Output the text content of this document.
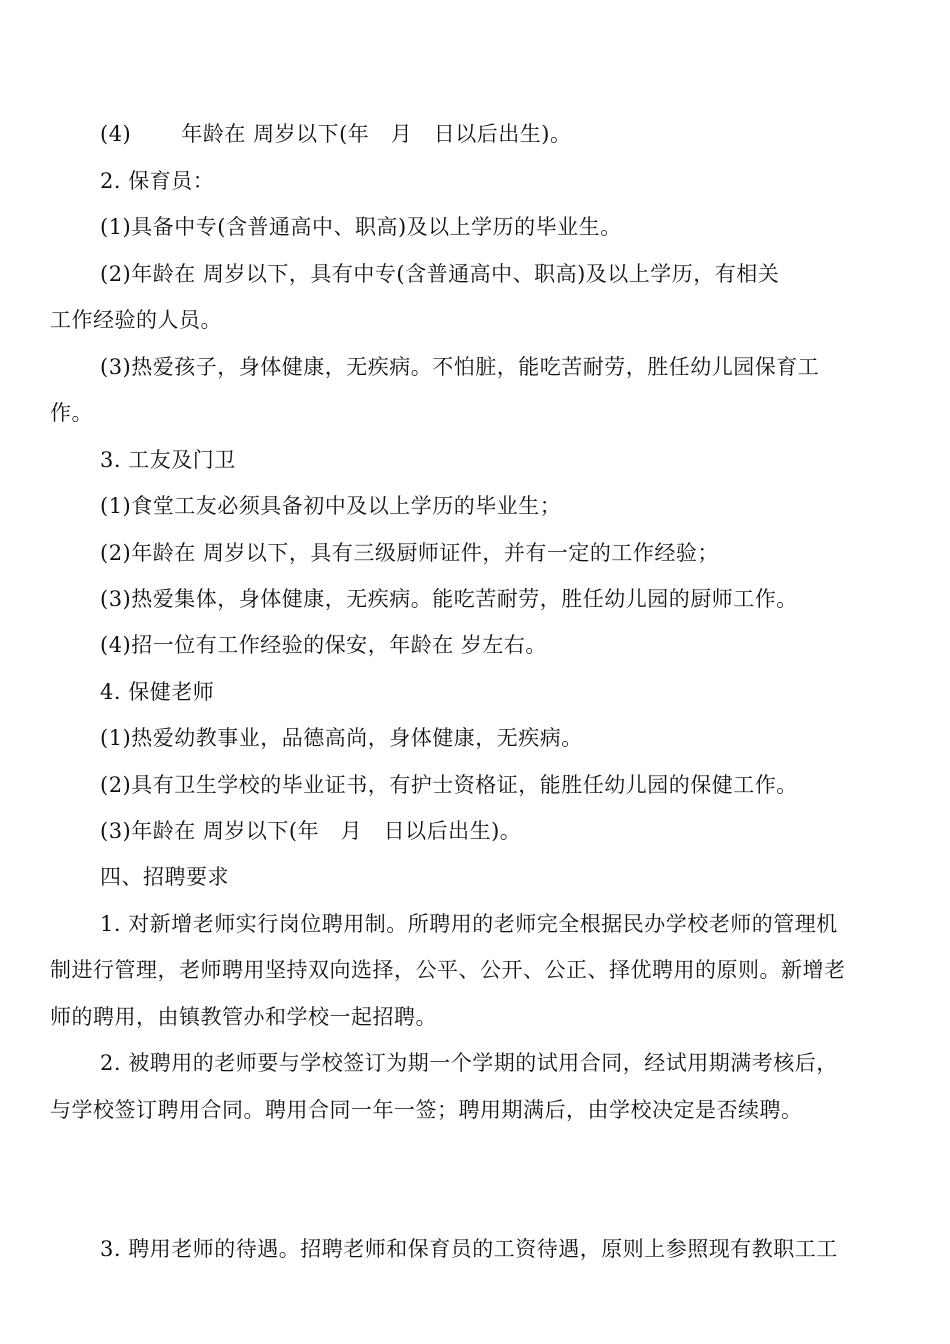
(4)　　 年龄在 周岁以下(年　月　日以后出生)。
2. 保育员：
(1)具备中专(含普通高中、职高)及以上学历的毕业生。
(2)年龄在 周岁以下，具有中专(含普通高中、职高)及以上学历，有相关
工作经验的人员。
(3)热爱孩子，身体健康，无疾病。不怕脏，能吃苦耐劳，胜任幼儿园保育工
作。
3. 工友及门卫
(1)食堂工友必须具备初中及以上学历的毕业生；
(2)年龄在 周岁以下，具有三级厨师证件，并有一定的工作经验；
(3)热爱集体，身体健康，无疾病。能吃苦耐劳，胜任幼儿园的厨师工作。
(4)招一位有工作经验的保安，年龄在 岁左右。
4. 保健老师
(1)热爱幼教事业，品德高尚，身体健康，无疾病。
(2)具有卫生学校的毕业证书，有护士资格证，能胜任幼儿园的保健工作。
(3)年龄在 周岁以下(年　月　日以后出生)。
四、招聘要求
1. 对新增老师实行岗位聘用制。所聘用的老师完全根据民办学校老师的管理机
制进行管理，老师聘用坚持双向选择，公平、公开、公正、择优聘用的原则。新增老
师的聘用，由镇教管办和学校一起招聘。
2. 被聘用的老师要与学校签订为期一个学期的试用合同，经试用期满考核后，
与学校签订聘用合同。聘用合同一年一签；聘用期满后，由学校决定是否续聘。
3. 聘用老师的待遇。招聘老师和保育员的工资待遇，原则上参照现有教职工工
